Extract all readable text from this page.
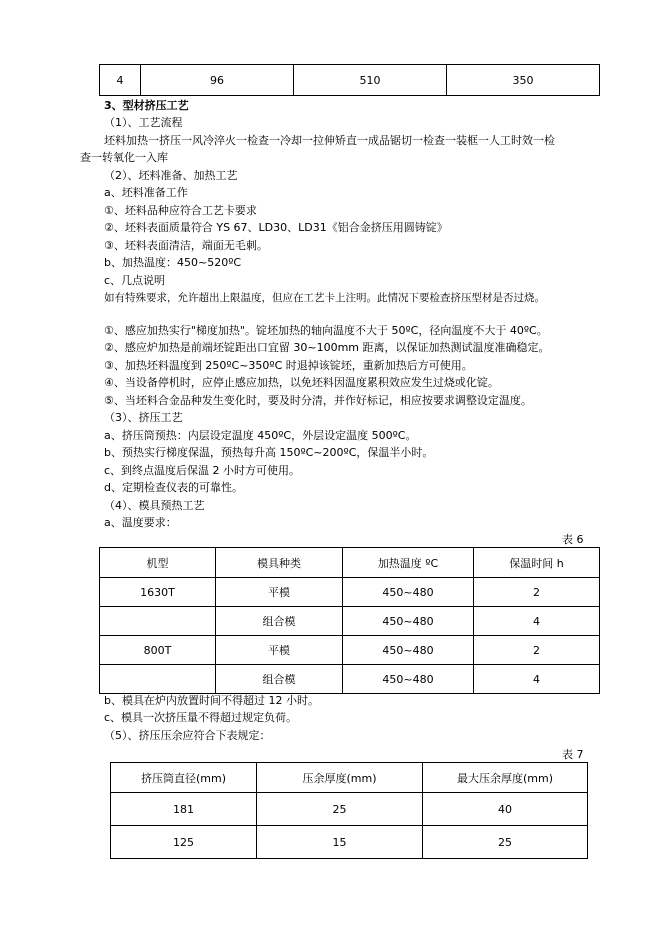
4	96	510	350
3、型材挤压工艺
（1）、工艺流程
坯料加热一挤压一风冷淬火一检查一冷却一拉伸矫直一成品锯切一检查一装框一人工时效一检
查一转氧化一入库
（2）、坯料准备、加热工艺
a、坯料准备工作
①、坯料品种应符合工艺卡要求
②、坯料表面质量符合 YS 67、LD30、LD31《铝合金挤压用圆铸锭》
③、坯料表面清洁，端面无毛刺。
b、加热温度：450~520ºC
c、几点说明
如有特殊要求，允许超出上限温度，但应在工艺卡上注明。此情况下要检查挤压型材是否过烧。
①、感应加热实行"梯度加热"。锭坯加热的轴向温度不大于 50ºC，径向温度不大于 40ºC。
②、感应炉加热是前端坯锭距出口宜留 30~100mm 距离，以保证加热测试温度准确稳定。
③、加热坯料温度到 250ºC~350ºC 时退掉该锭坯，重新加热后方可使用。
④、当设备停机时，应停止感应加热，以免坯料因温度累积效应发生过烧或化锭。
⑤、当坯料合金品种发生变化时，要及时分清，并作好标记，相应按要求调整设定温度。
（3）、挤压工艺
a、挤压筒预热：内层设定温度 450ºC，外层设定温度 500ºC。
b、预热实行梯度保温，预热每升高 150ºC~200ºC，保温半小时。
c、到终点温度后保温 2 小时方可使用。
d、定期检查仪表的可靠性。
（4）、模具预热工艺
a、温度要求：
表 6
机型	模具种类	加热温度 ºC	保温时间 h
1630T	平模	450~480	2
	组合模	450~480	4
800T	平模	450~480	2
	组合模	450~480	4
b、模具在炉内放置时间不得超过 12 小时。
c、模具一次挤压量不得超过规定负荷。
（5）、挤压压余应符合下表规定：
表 7
挤压筒直径(mm)	压余厚度(mm)	最大压余厚度(mm)
181	25	40
125	15	25
